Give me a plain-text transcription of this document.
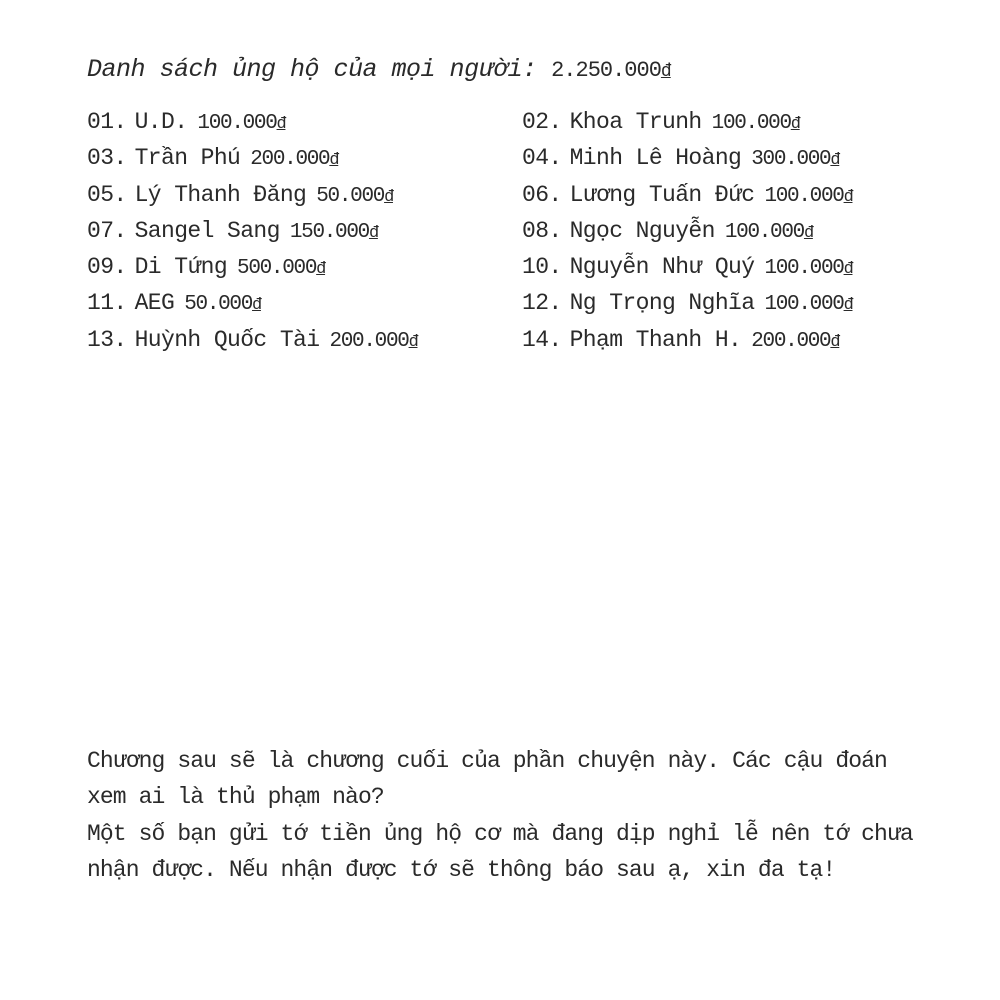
Danh sách ủng hộ của mọi người: 2.250.000đ
01. U.D. 100.000đ
03. Trần Phú 200.000đ
05. Lý Thanh Đăng 50.000đ
07. Sangel Sang 150.000đ
09. Di Tứng 500.000đ
11. AEG 50.000đ
13. Huỳnh Quốc Tài 200.000đ
02. Khoa Trunh 100.000đ
04. Minh Lê Hoàng 300.000đ
06. Lương Tuấn Đức 100.000đ
08. Ngọc Nguyễn 100.000đ
10. Nguyễn Như Quý 100.000đ
12. Ng Trọng Nghĩa 100.000đ
14. Phạm Thanh H. 200.000đ

Chương sau sẽ là chương cuối của phần chuyện này. Các cậu đoán xem ai là thủ phạm nào?

Một số bạn gửi tớ tiền ủng hộ cơ mà đang dịp nghỉ lễ nên tớ chưa nhận được. Nếu nhận được tớ sẽ thông báo sau ạ, xin đa tạ!
